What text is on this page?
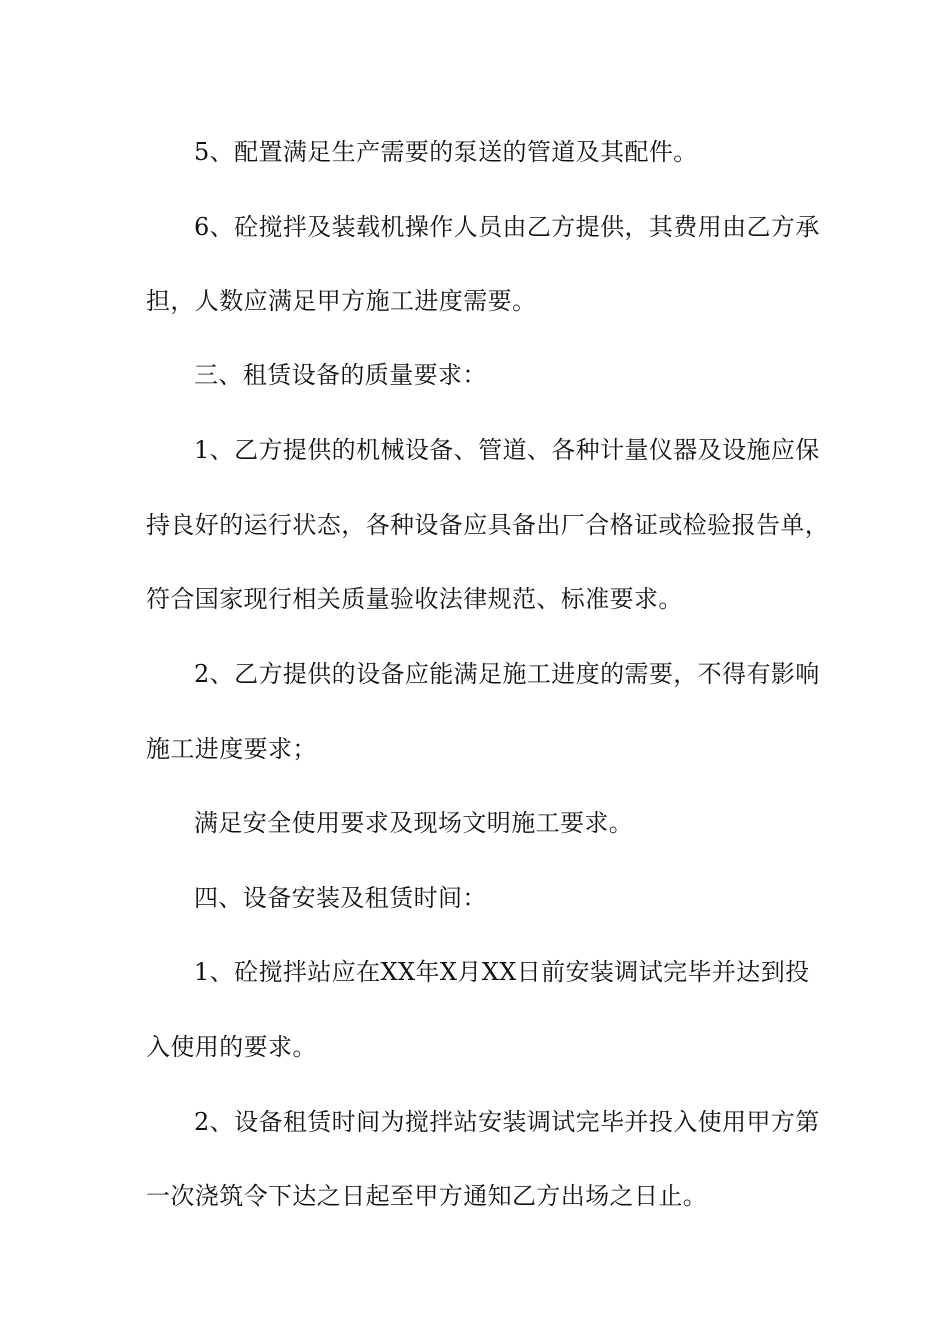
5、配置满足生产需要的泵送的管道及其配件。
6、砼搅拌及装载机操作人员由乙方提供，其费用由乙方承
担，人数应满足甲方施工进度需要。
三、租赁设备的质量要求：
1、乙方提供的机械设备、管道、各种计量仪器及设施应保
持良好的运行状态，各种设备应具备出厂合格证或检验报告单，
符合国家现行相关质量验收法律规范、标准要求。
2、乙方提供的设备应能满足施工进度的需要，不得有影响
施工进度要求；
满足安全使用要求及现场文明施工要求。
四、设备安装及租赁时间：
1、砼搅拌站应在XX年X月XX日前安装调试完毕并达到投
入使用的要求。
2、设备租赁时间为搅拌站安装调试完毕并投入使用甲方第
一次浇筑令下达之日起至甲方通知乙方出场之日止。
